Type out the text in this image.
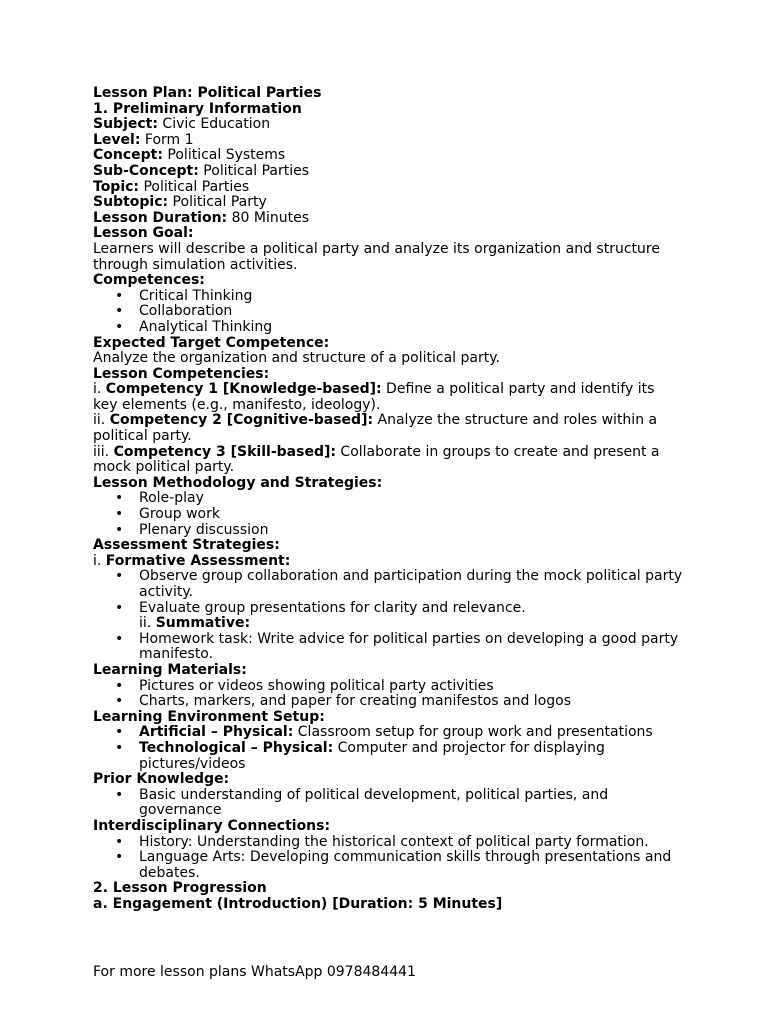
Lesson Plan: Political Parties

1. Preliminary Information

Subject: Civic Education

Level: Form 1

Concept: Political Systems

Sub-Concept: Political Parties

Topic: Political Parties

Subtopic: Political Party

Lesson Duration: 80 Minutes

Lesson Goal:

Learners will describe a political party and analyze its organization and structure through simulation activities.

Competences:

• Critical Thinking
• Collaboration
• Analytical Thinking

Expected Target Competence:

Analyze the organization and structure of a political party.

Lesson Competencies:

i. Competency 1 [Knowledge-based]: Define a political party and identify its key elements (e.g., manifesto, ideology).

ii. Competency 2 [Cognitive-based]: Analyze the structure and roles within a political party.

iii. Competency 3 [Skill-based]: Collaborate in groups to create and present a mock political party.

Lesson Methodology and Strategies:

• Role-play
• Group work
• Plenary discussion

Assessment Strategies:

i. Formative Assessment:

• Observe group collaboration and participation during the mock political party activity.
• Evaluate group presentations for clarity and relevance.
ii. Summative:
• Homework task: Write advice for political parties on developing a good party manifesto.

Learning Materials:

• Pictures or videos showing political party activities
• Charts, markers, and paper for creating manifestos and logos

Learning Environment Setup:

• Artificial – Physical: Classroom setup for group work and presentations
• Technological – Physical: Computer and projector for displaying pictures/videos

Prior Knowledge:

• Basic understanding of political development, political parties, and governance

Interdisciplinary Connections:

• History: Understanding the historical context of political party formation.
• Language Arts: Developing communication skills through presentations and debates.

2. Lesson Progression

a. Engagement (Introduction) [Duration: 5 Minutes]

For more lesson plans WhatsApp 0978484441
